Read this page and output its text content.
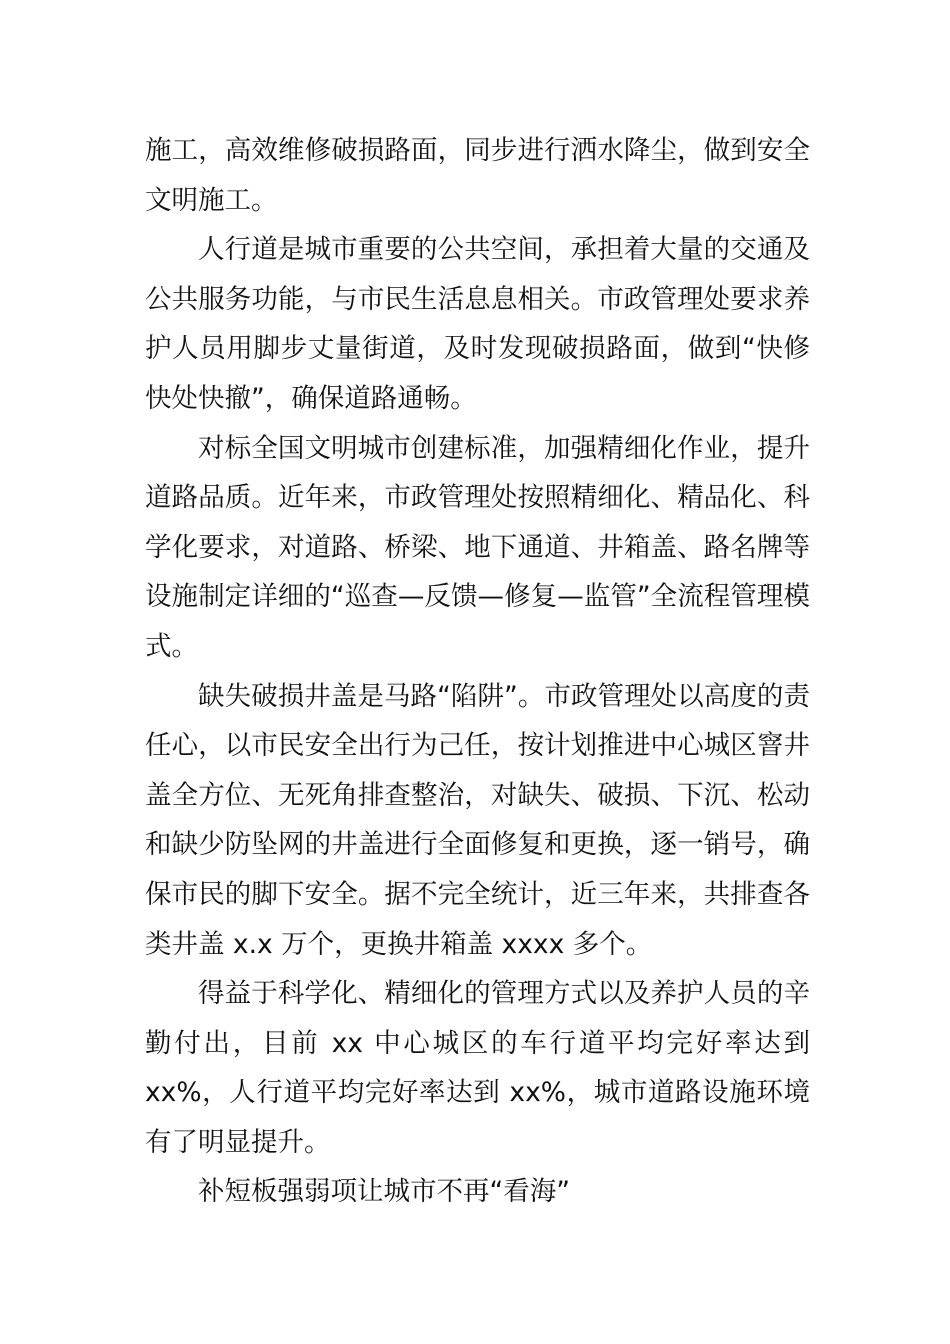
施工，高效维修破损路面，同步进行洒水降尘，做到安全文明施工。

人行道是城市重要的公共空间，承担着大量的交通及公共服务功能，与市民生活息息相关。市政管理处要求养护人员用脚步丈量街道，及时发现破损路面，做到“快修快处快撤”，确保道路通畅。

对标全国文明城市创建标准，加强精细化作业，提升道路品质。近年来，市政管理处按照精细化、精品化、科学化要求，对道路、桥梁、地下通道、井箱盖、路名牌等设施制定详细的“巡查—反馈—修复—监管”全流程管理模式。

缺失破损井盖是马路“陷阱”。市政管理处以高度的责任心，以市民安全出行为己任，按计划推进中心城区窨井盖全方位、无死角排查整治，对缺失、破损、下沉、松动和缺少防坠网的井盖进行全面修复和更换，逐一销号，确保市民的脚下安全。据不完全统计，近三年来，共排查各类井盖 x.x 万个，更换井箱盖 xxxx 多个。

得益于科学化、精细化的管理方式以及养护人员的辛勤付出，目前 xx 中心城区的车行道平均完好率达到 xx%，人行道平均完好率达到 xx%，城市道路设施环境有了明显提升。

补短板强弱项让城市不再“看海”
